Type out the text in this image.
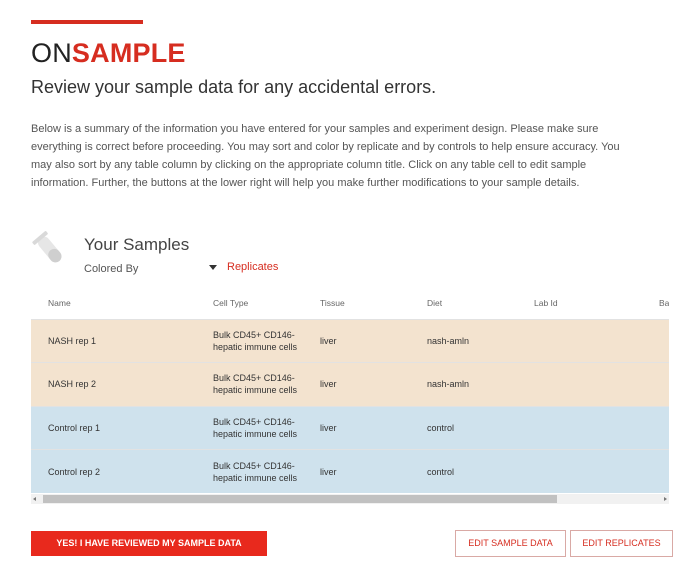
ONSAMPLE
Review your sample data for any accidental errors.

Below is a summary of the information you have entered for your samples and experiment design. Please make sure everything is correct before proceeding. You may sort and color by replicate and by controls to help ensure accuracy. You may also sort by any table column by clicking on the appropriate column title. Click on any table cell to edit sample information. Further, the buttons at the lower right will help you make further modifications to your sample details.

Your Samples
Colored By	Replicates
Name	Cell Type	Tissue	Diet	Lab Id	Ba
NASH rep 1	Bulk CD45+ CD146- hepatic immune cells	liver	nash-amln		
NASH rep 2	Bulk CD45+ CD146- hepatic immune cells	liver	nash-amln		
Control rep 1	Bulk CD45+ CD146- hepatic immune cells	liver	control		
Control rep 2	Bulk CD45+ CD146- hepatic immune cells	liver	control		
YES! I HAVE REVIEWED MY SAMPLE DATA	EDIT SAMPLE DATA	EDIT REPLICATES
